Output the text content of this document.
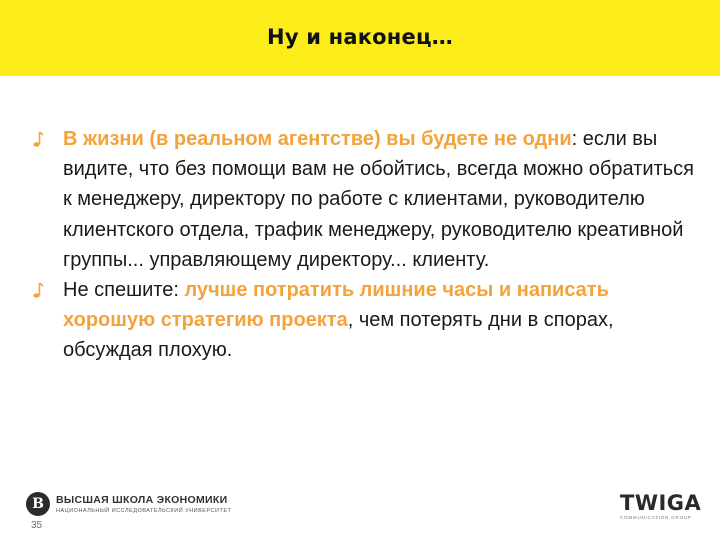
Ну и наконец…
В жизни (в реальном агентстве) вы будете не одни: если вы видите, что без помощи вам не обойтись, всегда можно обратиться к менеджеру, директору по работе с клиентами, руководителю клиентского отдела, трафик менеджеру, руководителю креативной группы... управляющему директору... клиенту.
Не спешите: лучше потратить лишние часы и написать хорошую стратегию проекта, чем потерять дни в спорах, обсуждая плохую.
В	ВЫСШАЯ ШКОЛА ЭКОНОМИКИ
НАЦИОНАЛЬНЫЙ ИССЛЕДОВАТЕЛЬСКИЙ УНИВЕРСИТЕТ
35
TWIGA
COMMUNICATION GROUP
